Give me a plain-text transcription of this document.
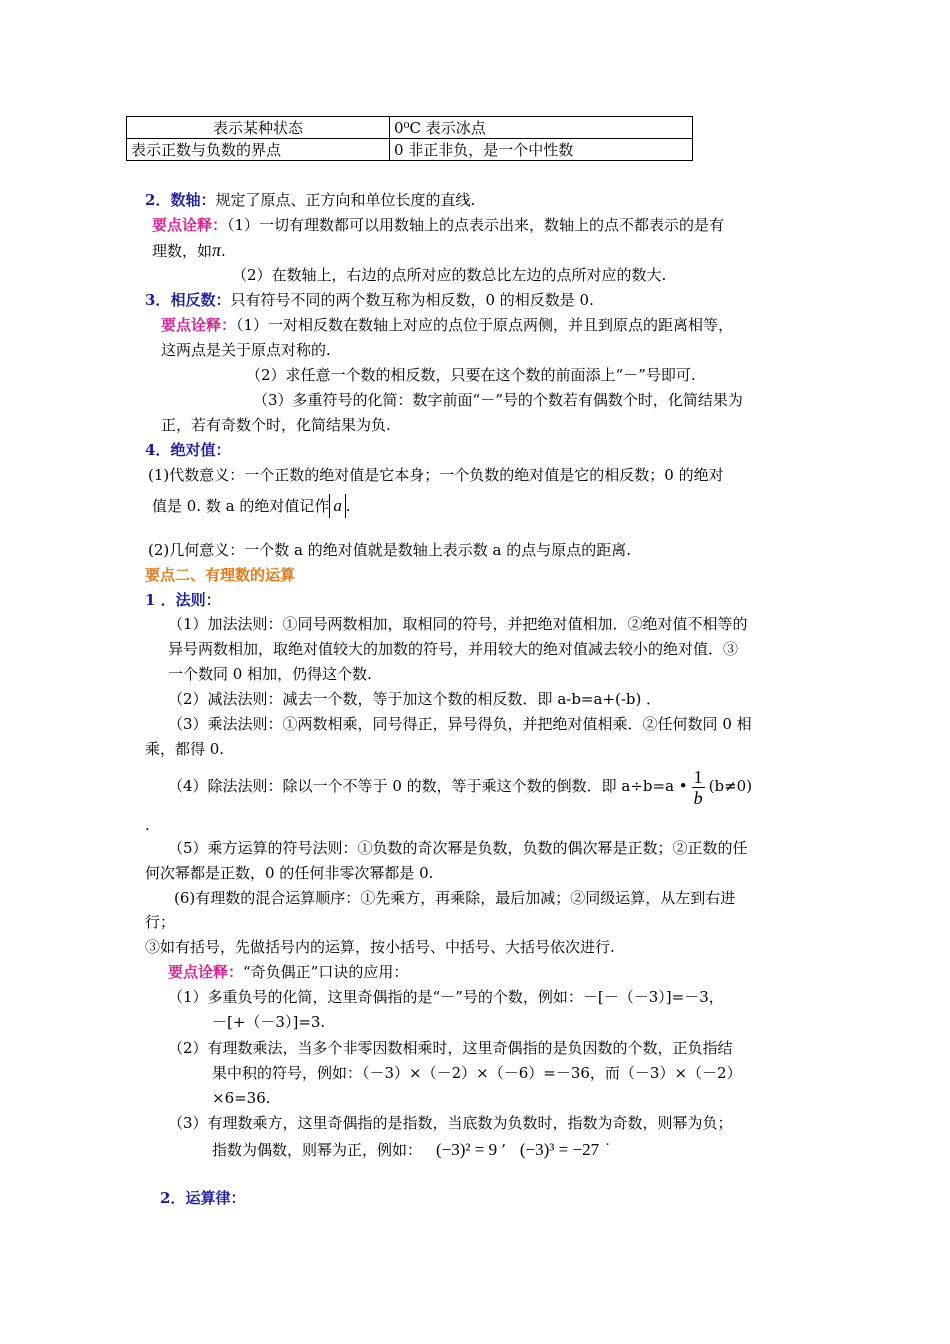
表示某种状态	0⁰C 表示冰点
表示正数与负数的界点	0 非正非负，是一个中性数
2．数轴：规定了原点、正方向和单位长度的直线.
要点诠释：（1）一切有理数都可以用数轴上的点表示出来，数轴上的点不都表示的是有
理数，如π.
（2）在数轴上，右边的点所对应的数总比左边的点所对应的数大.
3．相反数：只有符号不同的两个数互称为相反数，0 的相反数是 0.
要点诠释：（1）一对相反数在数轴上对应的点位于原点两侧，并且到原点的距离相等，
这两点是关于原点对称的.
（2）求任意一个数的相反数，只要在这个数的前面添上“－”号即可.
（3）多重符号的化简：数字前面“－”号的个数若有偶数个时，化简结果为
正，若有奇数个时，化简结果为负.
4．绝对值：
(1)代数意义：一个正数的绝对值是它本身；一个负数的绝对值是它的相反数；0 的绝对
值是 0. 数 a 的绝对值记作 a .
(2)几何意义：一个数 a 的绝对值就是数轴上表示数 a 的点与原点的距离.
要点二、有理数的运算
1 ．法则：
（1）加法法则：①同号两数相加，取相同的符号，并把绝对值相加．②绝对值不相等的
异号两数相加，取绝对值较大的加数的符号，并用较大的绝对值减去较小的绝对值．③
一个数同 0 相加，仍得这个数.
（2）减法法则：减去一个数，等于加这个数的相反数．即 a-b=a+(-b) ．
（3）乘法法则：①两数相乘，同号得正，异号得负，并把绝对值相乘．②任何数同 0 相
乘，都得 0.
（4）除法法则：除以一个不等于 0 的数，等于乘这个数的倒数．即 a÷b=a • $\frac{1}{b} (b\ne 0)$
.
（5）乘方运算的符号法则：①负数的奇次幂是负数，负数的偶次幂是正数；②正数的任
何次幂都是正数，0 的任何非零次幂都是 0.
(6)有理数的混合运算顺序：①先乘方，再乘除，最后加减；②同级运算，从左到右进
行；
③如有括号，先做括号内的运算，按小括号、中括号、大括号依次进行.
要点诠释：“奇负偶正”口诀的应用：
（1）多重负号的化简，这里奇偶指的是“－”号的个数，例如：－[－（－3）]=－3，
－[+（－3）]=3.
（2）有理数乘法，当多个非零因数相乘时，这里奇偶指的是负因数的个数，正负指结
果中积的符号，例如：（－3）×（－2）×（－6）=－36，而（－3）×（－2）
×6=36.
（3）有理数乘方，这里奇偶指的是指数，当底数为负数时，指数为奇数，则幂为负；
指数为偶数，则幂为正，例如： (−3)² = 9 ’ (−3)³ = −27 ˙
2．运算律：
